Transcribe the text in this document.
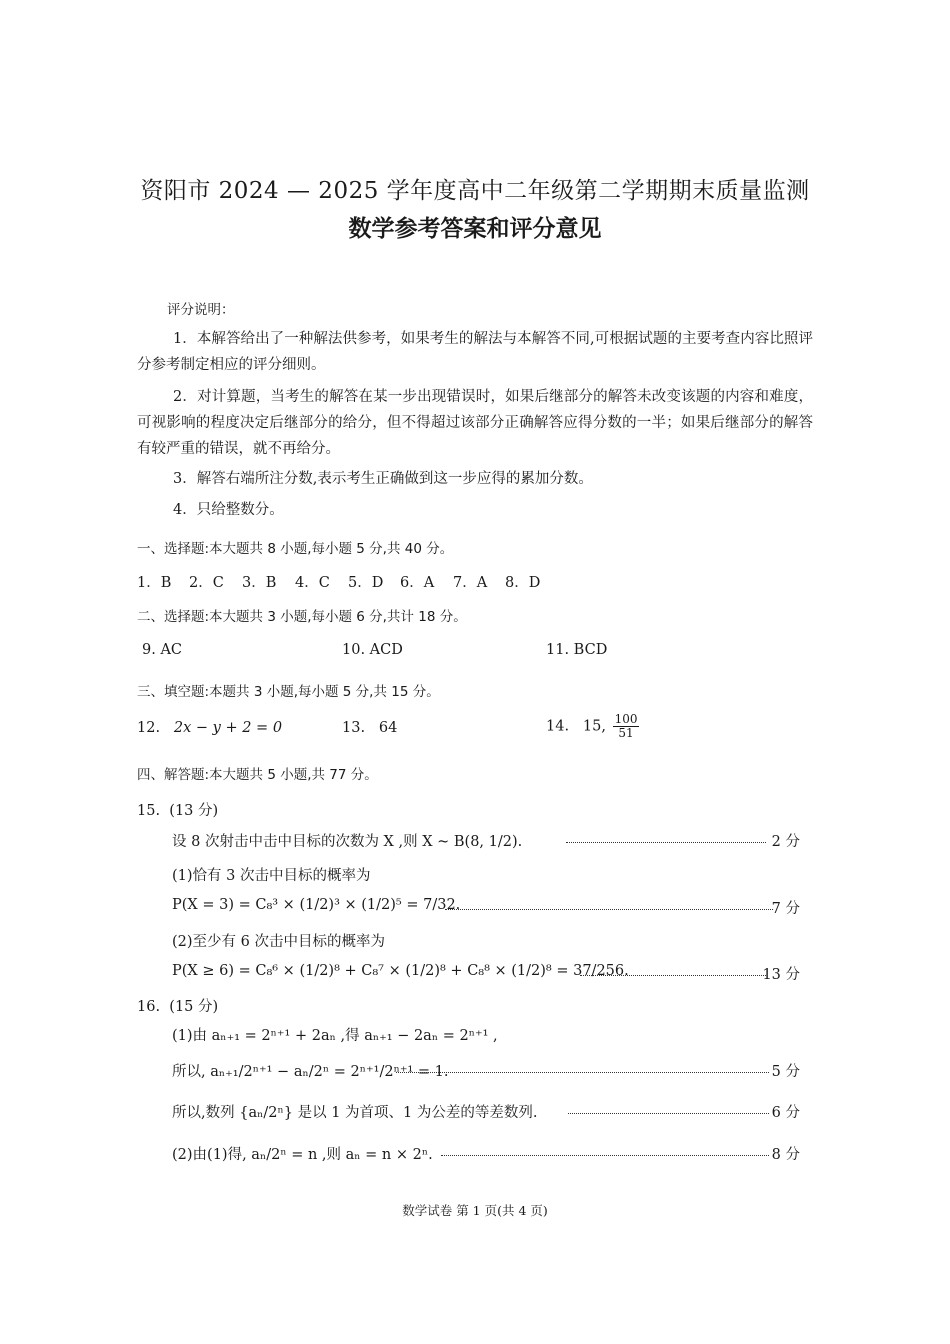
资阳市 2024 — 2025 学年度高中二年级第二学期期末质量监测
数学参考答案和评分意见
评分说明：
1．本解答给出了一种解法供参考，如果考生的解法与本解答不同,可根据试题的主要考查内容比照评分参考制定相应的评分细则。
2．对计算题，当考生的解答在某一步出现错误时，如果后继部分的解答未改变该题的内容和难度，可视影响的程度决定后继部分的给分，但不得超过该部分正确解答应得分数的一半；如果后继部分的解答有较严重的错误，就不再给分。
3．解答右端所注分数,表示考生正确做到这一步应得的累加分数。
4．只给整数分。
一、选择题:本大题共 8 小题,每小题 5 分,共 40 分。
1．B 2．C 3．B 4．C 5．D 6．A 7．A 8．D
二、选择题:本大题共 3 小题,每小题 6 分,共计 18 分。
9. AC	10. ACD	11. BCD
三、填空题:本题共 3 小题,每小题 5 分,共 15 分。
12. 2x − y + 2 = 0	13. 64	14. 15, $\frac{100}{51}$
四、解答题:本大题共 5 小题,共 77 分。
15. (13 分)
设 8 次射击中击中目标的次数为 X ,则 X ~ B(8, 1/2).	2 分
(1)恰有 3 次击中目标的概率为
P(X = 3) = C₈³ × (1/2)³ × (1/2)⁵ = 7/32.	7 分
(2)至少有 6 次击中目标的概率为
P(X ≥ 6) = C₈⁶ × (1/2)⁸ + C₈⁷ × (1/2)⁸ + C₈⁸ × (1/2)⁸ = 37/256.	13 分
16. (15 分)
(1)由 aₙ₊₁ = 2ⁿ⁺¹ + 2aₙ ,得 aₙ₊₁ − 2aₙ = 2ⁿ⁺¹ ,
所以, aₙ₊₁/2ⁿ⁺¹ − aₙ/2ⁿ = 2ⁿ⁺¹/2ⁿ⁺¹ = 1.	5 分
所以,数列 {aₙ/2ⁿ} 是以 1 为首项、1 为公差的等差数列.	6 分
(2)由(1)得, aₙ/2ⁿ = n ,则 aₙ = n × 2ⁿ.	8 分
数学试卷 第 1 页(共 4 页)
